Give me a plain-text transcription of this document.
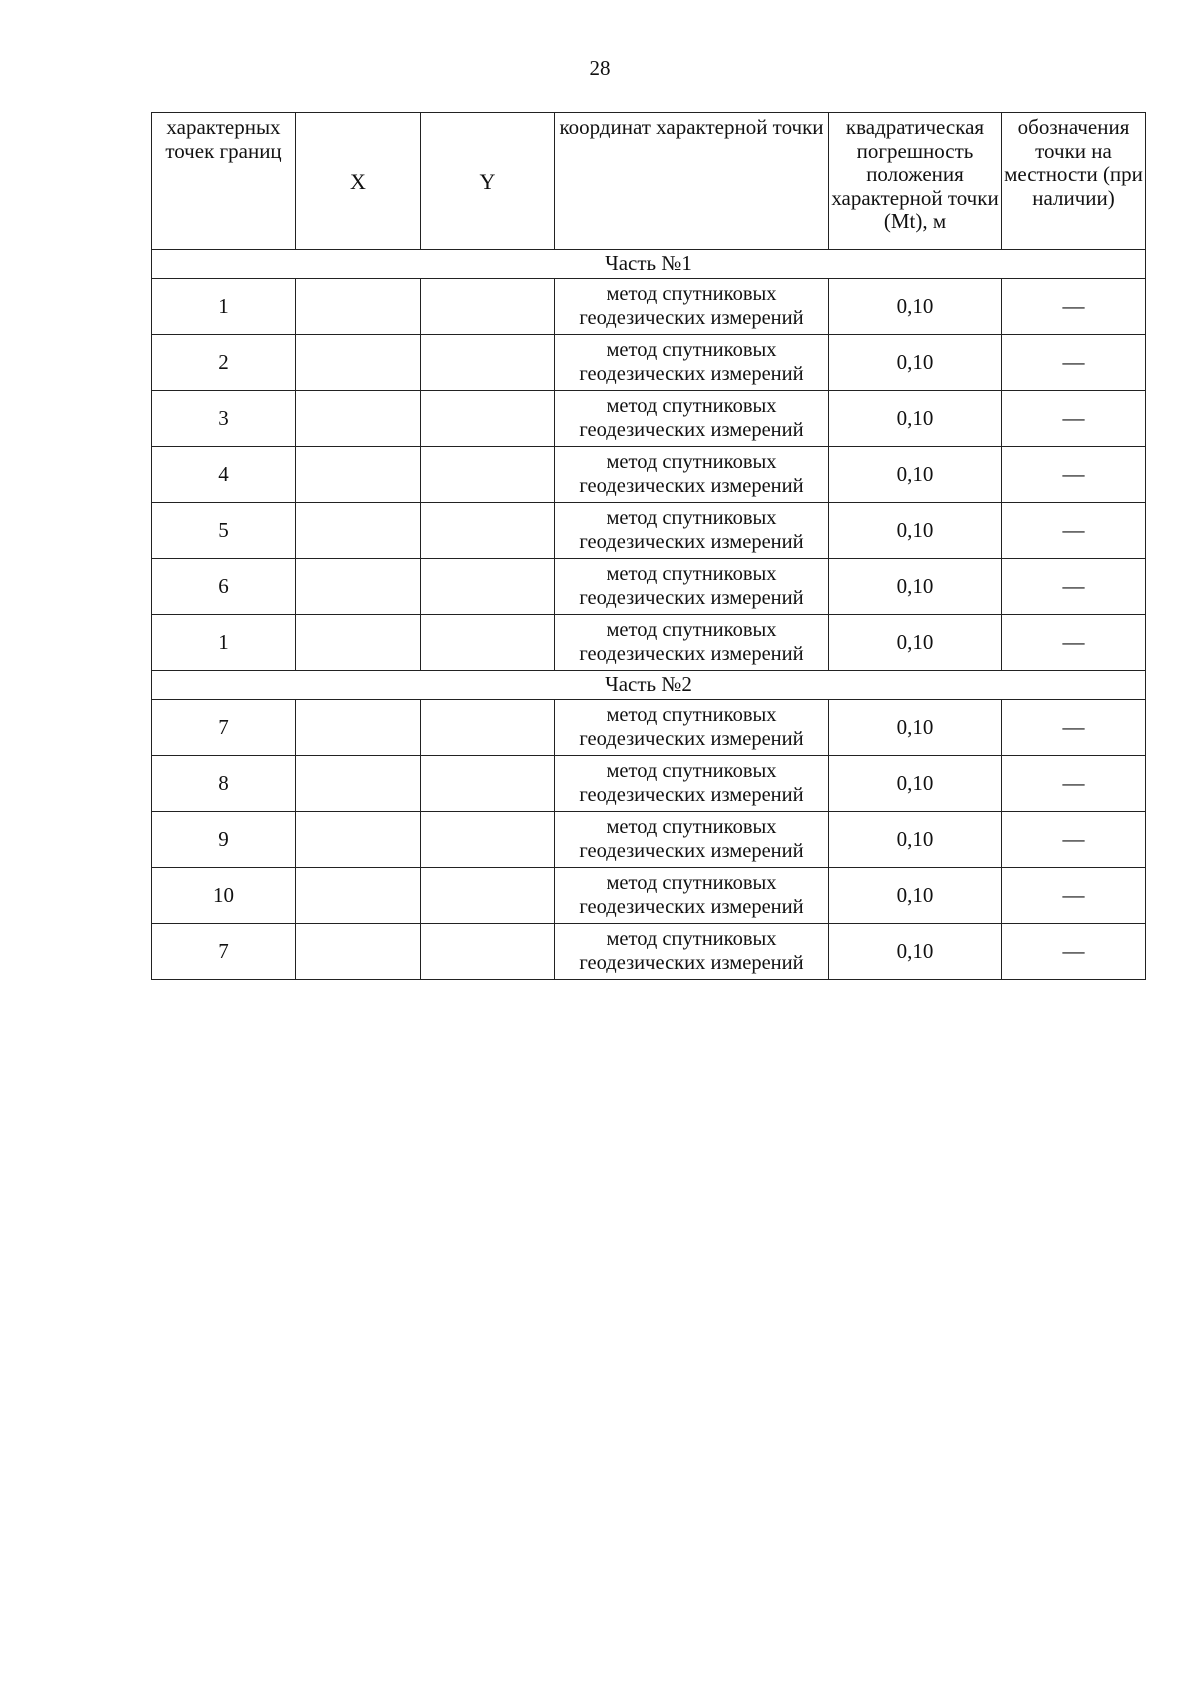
28
характерных точек границ	X	Y	координат характерной точки	квадратическая погрешность положения характерной точки (Mt), м	обозначения точки на местности (при наличии)
Часть №1					
1			метод спутниковых геодезических измерений	0,10	—
2			метод спутниковых геодезических измерений	0,10	—
3			метод спутниковых геодезических измерений	0,10	—
4			метод спутниковых геодезических измерений	0,10	—
5			метод спутниковых геодезических измерений	0,10	—
6			метод спутниковых геодезических измерений	0,10	—
1			метод спутниковых геодезических измерений	0,10	—
Часть №2					
7			метод спутниковых геодезических измерений	0,10	—
8			метод спутниковых геодезических измерений	0,10	—
9			метод спутниковых геодезических измерений	0,10	—
10			метод спутниковых геодезических измерений	0,10	—
7			метод спутниковых геодезических измерений	0,10	—
